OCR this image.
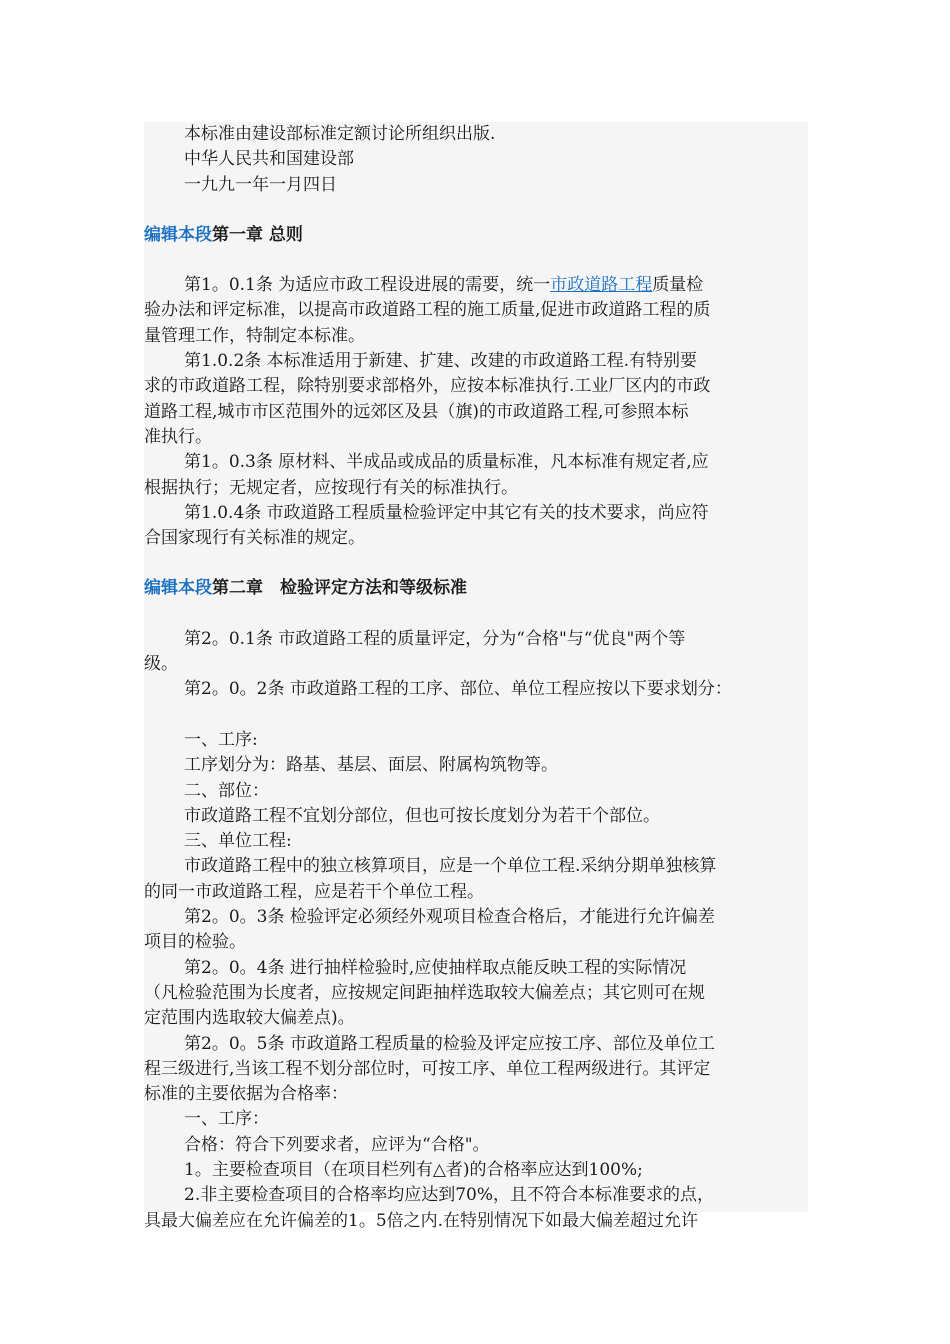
本标准由建设部标准定额讨论所组织出版.
中华人民共和国建设部
一九九一年一月四日
编辑本段第一章 总则
第1。0.1条 为适应市政工程设进展的需要，统一市政道路工程质量检
验办法和评定标准，以提高市政道路工程的施工质量,促进市政道路工程的质
量管理工作，特制定本标准。
第1.0.2条 本标准适用于新建、扩建、改建的市政道路工程.有特别要
求的市政道路工程，除特别要求部格外，应按本标准执行.工业厂区内的市政
道路工程,城市市区范围外的远郊区及县（旗)的市政道路工程,可参照本标
准执行。
第1。0.3条 原材料、半成品或成品的质量标准，凡本标准有规定者,应
根据执行；无规定者，应按现行有关的标准执行。
第1.0.4条 市政道路工程质量检验评定中其它有关的技术要求，尚应符
合国家现行有关标准的规定。
编辑本段第二章　检验评定方法和等级标准
第2。0.1条 市政道路工程的质量评定，分为“合格"与“优良"两个等
级。
第2。0。2条 市政道路工程的工序、部位、单位工程应按以下要求划分：
一、工序:
工序划分为：路基、基层、面层、附属构筑物等。
二、部位：
市政道路工程不宜划分部位，但也可按长度划分为若干个部位。
三、单位工程:
市政道路工程中的独立核算项目，应是一个单位工程.采纳分期单独核算
的同一市政道路工程，应是若干个单位工程。
第2。0。3条 检验评定必须经外观项目检查合格后，才能进行允许偏差
项目的检验。
第2。0。4条 进行抽样检验时,应使抽样取点能反映工程的实际情况
（凡检验范围为长度者，应按规定间距抽样选取较大偏差点；其它则可在规
定范围内选取较大偏差点)。
第2。0。5条 市政道路工程质量的检验及评定应按工序、部位及单位工
程三级进行,当该工程不划分部位时，可按工序、单位工程两级进行。其评定
标准的主要依据为合格率：
一、工序：
合格：符合下列要求者，应评为“合格"。
1。主要检查项目（在项目栏列有△者)的合格率应达到100%;
2.非主要检查项目的合格率均应达到70%，且不符合本标准要求的点，
具最大偏差应在允许偏差的1。5倍之内.在特别情况下如最大偏差超过允许
